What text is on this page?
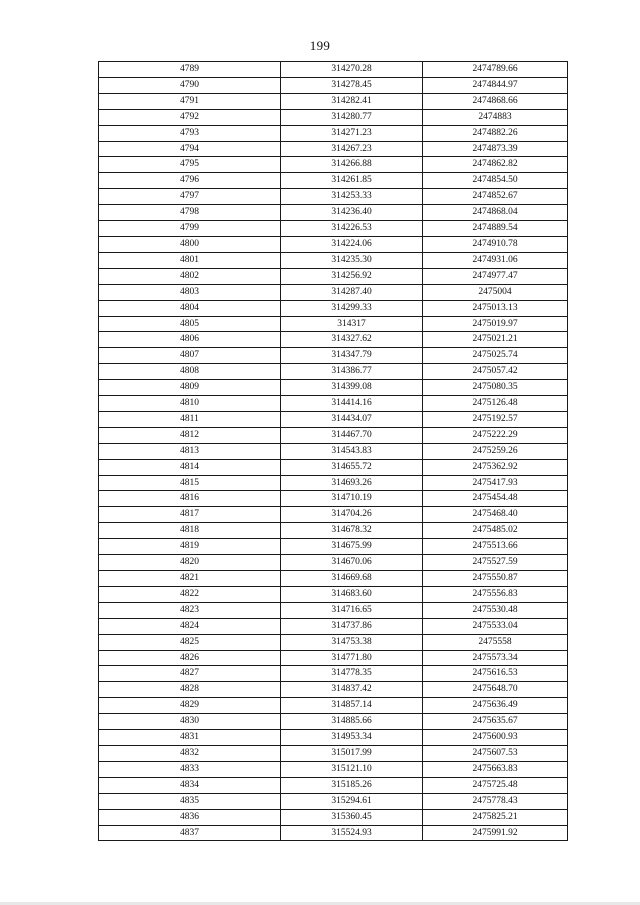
199
4789	314270.28	2474789.66
4790	314278.45	2474844.97
4791	314282.41	2474868.66
4792	314280.77	2474883
4793	314271.23	2474882.26
4794	314267.23	2474873.39
4795	314266.88	2474862.82
4796	314261.85	2474854.50
4797	314253.33	2474852.67
4798	314236.40	2474868.04
4799	314226.53	2474889.54
4800	314224.06	2474910.78
4801	314235.30	2474931.06
4802	314256.92	2474977.47
4803	314287.40	2475004
4804	314299.33	2475013.13
4805	314317	2475019.97
4806	314327.62	2475021.21
4807	314347.79	2475025.74
4808	314386.77	2475057.42
4809	314399.08	2475080.35
4810	314414.16	2475126.48
4811	314434.07	2475192.57
4812	314467.70	2475222.29
4813	314543.83	2475259.26
4814	314655.72	2475362.92
4815	314693.26	2475417.93
4816	314710.19	2475454.48
4817	314704.26	2475468.40
4818	314678.32	2475485.02
4819	314675.99	2475513.66
4820	314670.06	2475527.59
4821	314669.68	2475550.87
4822	314683.60	2475556.83
4823	314716.65	2475530.48
4824	314737.86	2475533.04
4825	314753.38	2475558
4826	314771.80	2475573.34
4827	314778.35	2475616.53
4828	314837.42	2475648.70
4829	314857.14	2475636.49
4830	314885.66	2475635.67
4831	314953.34	2475600.93
4832	315017.99	2475607.53
4833	315121.10	2475663.83
4834	315185.26	2475725.48
4835	315294.61	2475778.43
4836	315360.45	2475825.21
4837	315524.93	2475991.92
